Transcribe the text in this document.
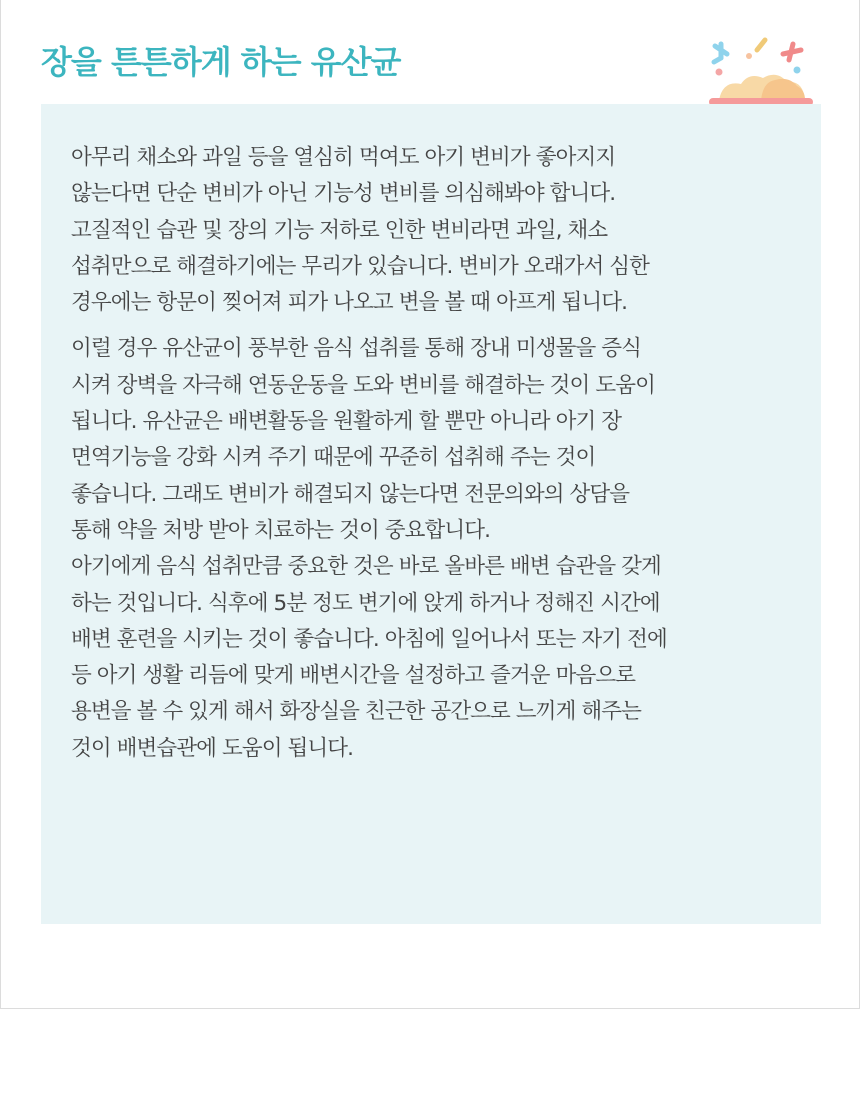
장을 튼튼하게 하는 유산균

아무리 채소와 과일 등을 열심히 먹여도 아기 변비가 좋아지지
않는다면 단순 변비가 아닌 기능성 변비를 의심해봐야 합니다.
고질적인 습관 및 장의 기능 저하로 인한 변비라면 과일, 채소
섭취만으로 해결하기에는 무리가 있습니다. 변비가 오래가서 심한
경우에는 항문이 찢어져 피가 나오고 변을 볼 때 아프게 됩니다.

이럴 경우 유산균이 풍부한 음식 섭취를 통해 장내 미생물을 증식
시켜 장벽을 자극해 연동운동을 도와 변비를 해결하는 것이 도움이
됩니다. 유산균은 배변활동을 원활하게 할 뿐만 아니라 아기 장
면역기능을 강화 시켜 주기 때문에 꾸준히 섭취해 주는 것이
좋습니다. 그래도 변비가 해결되지 않는다면 전문의와의 상담을
통해 약을 처방 받아 치료하는 것이 중요합니다.
아기에게 음식 섭취만큼 중요한 것은 바로 올바른 배변 습관을 갖게
하는 것입니다. 식후에 5분 정도 변기에 앉게 하거나 정해진 시간에
배변 훈련을 시키는 것이 좋습니다. 아침에 일어나서 또는 자기 전에
등 아기 생활 리듬에 맞게 배변시간을 설정하고 즐거운 마음으로
용변을 볼 수 있게 해서 화장실을 친근한 공간으로 느끼게 해주는
것이 배변습관에 도움이 됩니다.
